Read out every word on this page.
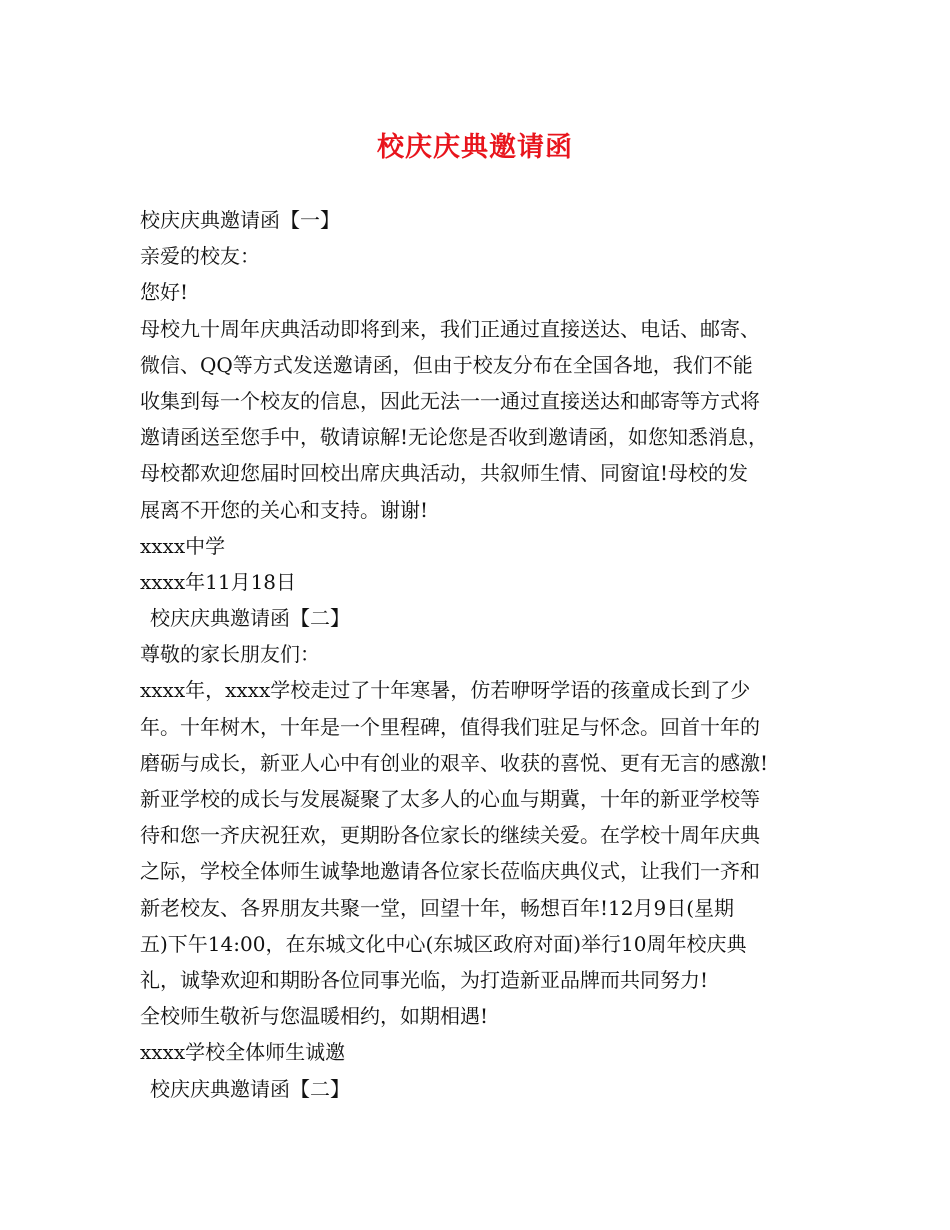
校庆庆典邀请函
校庆庆典邀请函【一】
亲爱的校友：
您好!
母校九十周年庆典活动即将到来，我们正通过直接送达、电话、邮寄、
微信、QQ等方式发送邀请函，但由于校友分布在全国各地，我们不能
收集到每一个校友的信息，因此无法一一通过直接送达和邮寄等方式将
邀请函送至您手中，敬请谅解!无论您是否收到邀请函，如您知悉消息，
母校都欢迎您届时回校出席庆典活动，共叙师生情、同窗谊!母校的发
展离不开您的关心和支持。谢谢!
xxxx中学
xxxx年11月18日
校庆庆典邀请函【二】
尊敬的家长朋友们：
xxxx年，xxxx学校走过了十年寒暑，仿若咿呀学语的孩童成长到了少
年。十年树木，十年是一个里程碑，值得我们驻足与怀念。回首十年的
磨砺与成长，新亚人心中有创业的艰辛、收获的喜悦、更有无言的感激!
新亚学校的成长与发展凝聚了太多人的心血与期冀，十年的新亚学校等
待和您一齐庆祝狂欢，更期盼各位家长的继续关爱。在学校十周年庆典
之际，学校全体师生诚挚地邀请各位家长莅临庆典仪式，让我们一齐和
新老校友、各界朋友共聚一堂，回望十年，畅想百年!12月9日(星期
五)下午14:00，在东城文化中心(东城区政府对面)举行10周年校庆典
礼，诚挚欢迎和期盼各位同事光临，为打造新亚品牌而共同努力!
全校师生敬祈与您温暖相约，如期相遇!
xxxx学校全体师生诚邀
校庆庆典邀请函【二】
